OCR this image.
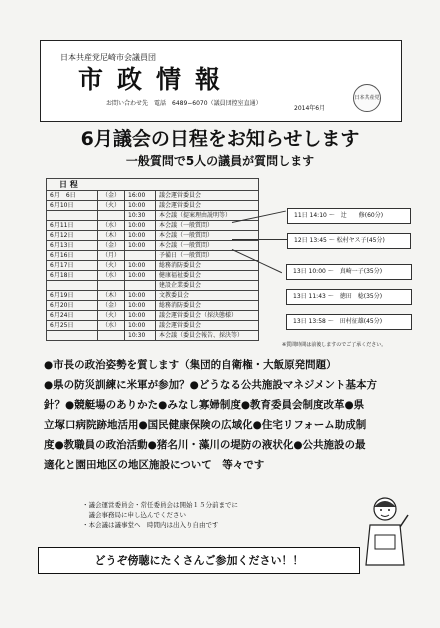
日本共産党尼崎市会議員団
市政情報
お問い合わせ先　電話　6489−6070（議員団控室直通）
2014年6月
日本共産党
6月議会の日程をお知らせします
一般質問で5人の議員が質問します
日 程			
6月　6日	（金）	16:00	議会運営委員会
6月10日	（火）	10:00	議会運営委員会
		10:30	本会議（提案理由説明等）
6月11日	（水）	10:00	本会議（一般質問）
6月12日	（木）	10:00	本会議（一般質問）
6月13日	（金）	10:00	本会議（一般質問）
6月16日	（月）		予備日（一般質問）
6月17日	（火）	10:00	総務消防委員会
6月18日	（水）	10:00	健康福祉委員会
			建設企業委員会
6月19日	（木）	10:00	文教委員会
6月20日	（金）	10:00	総務消防委員会
6月24日	（火）	10:00	議会運営委員会（採決態様）
6月25日	（水）	10:00	議会運営委員会
		10:30	本会議（委員会報告、採決等）
11日 14:10 〜　辻　　修(60分)
12日 13:45 〜 松村ヤス子(45分)
13日 10:00 〜　真崎一子(35分)
13日 11:43 〜　徳田　稔(35分)
13日 13:58 〜　田村征雄(45分)
※質問時間は前後しますのでご了承ください。

●市長の政治姿勢を質します（集団的自衛権・大飯原発問題）

●県の防災訓練に米軍が参加？●どうなる公共施設マネジメント基本方

針？●競艇場のありかた●みなし寡婦制度●教育委員会制度改革●県

立塚口病院跡地活用●国民健康保険の広域化●住宅リフォーム助成制

度●教職員の政治活動●猪名川・藻川の堤防の液状化●公共施設の最

適化と園田地区の地区施設について　等々です

・議会運営委員会・常任委員会は開始１５分前までに

　議会事務局に申し込んでください

・本会議は議事堂へ　時間内は出入り自由です

どうぞ傍聴にたくさんご参加ください！！
